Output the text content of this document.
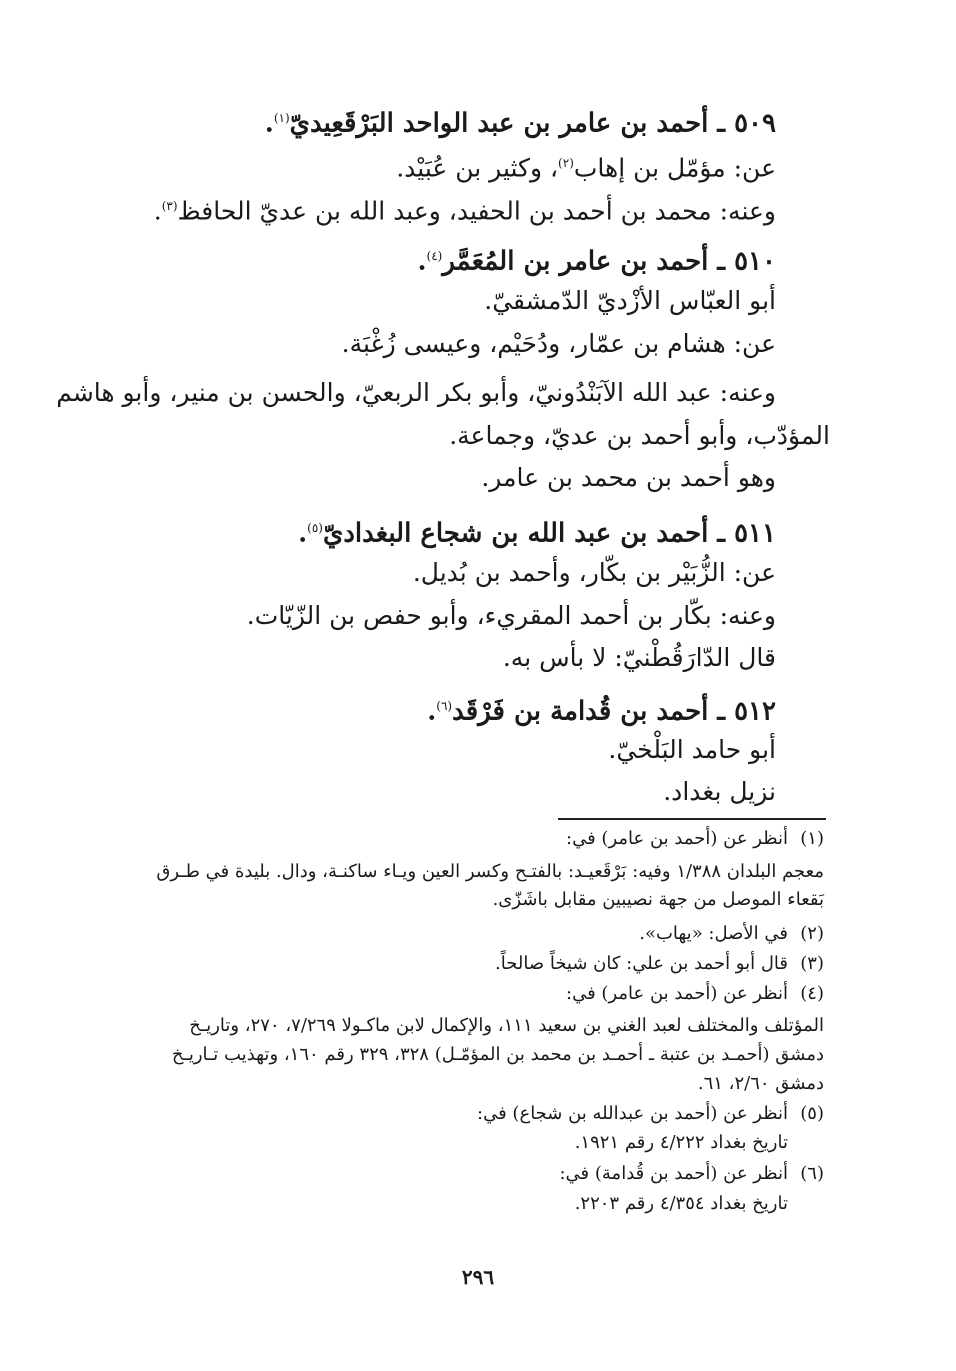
٥٠٩ ـ أحمد بن عامر بن عبد الواحد البَرْقَعِيديّ$^{(١)}$.
عن: مؤمّل بن إهاب$^{(٢)}$، وكثير بن عُبَيْد.
وعنه: محمد بن أحمد بن الحفيد، وعبد الله بن عديّ الحافظ$^{(٣)}$.
٥١٠ ـ أحمد بن عامر بن المُعَمَّر$^{(٤)}$.
أبو العبّاس الأزْديّ الدّمشقيّ.
عن: هشام بن عمّار، ودُحَيْم، وعيسى زُغْبَة.
وعنه: عبد الله الآبَنْدُونيّ، وأبو بكر الربعيّ، والحسن بن منير، وأبو هاشم
المؤدّب، وأبو أحمد بن عديّ، وجماعة.
وهو أحمد بن محمد بن عامر.
٥١١ ـ أحمد بن عبد الله بن شجاع البغداديّ$^{(٥)}$.
عن: الزُّبَيْر بن بكّار، وأحمد بن بُديل.
وعنه: بكّار بن أحمد المقريء، وأبو حفص بن الزّيّات.
قال الدّارَقُطْنيّ: لا بأس به.
٥١٢ ـ أحمد بن قُدامة بن فَرْقَد$^{(٦)}$.
أبو حامد البَلْخيّ.
نزيل بغداد.
(١)أنظر عن (أحمد بن عامر) في:
معجم البلدان ١/٣٨٨ وفيه: بَرْقَعيـد: بالفتـح وكسر العين ويـاء ساكنـة، ودال. بليدة في طـرق
بَقعاء الموصل من جهة نصيبين مقابل باشَزّى.
(٢)في الأصل: «يهاب».
(٣)قال أبو أحمد بن علي: كان شيخاً صالحاً.
(٤)أنظر عن (أحمد بن عامر) في:
المؤتلف والمختلف لعبد الغني بن سعيد ١١١، والإكمال لابن ماكـولا ٧/٢٦٩، ٢٧٠، وتاريـخ
دمشق (أحمـد بن عتبة ـ أحمـد بن محمد بن المؤمّـل) ٣٢٨، ٣٢٩ رقم ١٦٠، وتهذيب تـاريـخ
دمشق ٢/٦٠، ٦١.
(٥)أنظر عن (أحمد بن عبدالله بن شجاع) في:
تاريخ بغداد ٤/٢٢٢ رقم ١٩٢١.
(٦)أنظر عن (أحمد بن قُدامة) في:
تاريخ بغداد ٤/٣٥٤ رقم ٢٢٠٣.
٢٩٦
